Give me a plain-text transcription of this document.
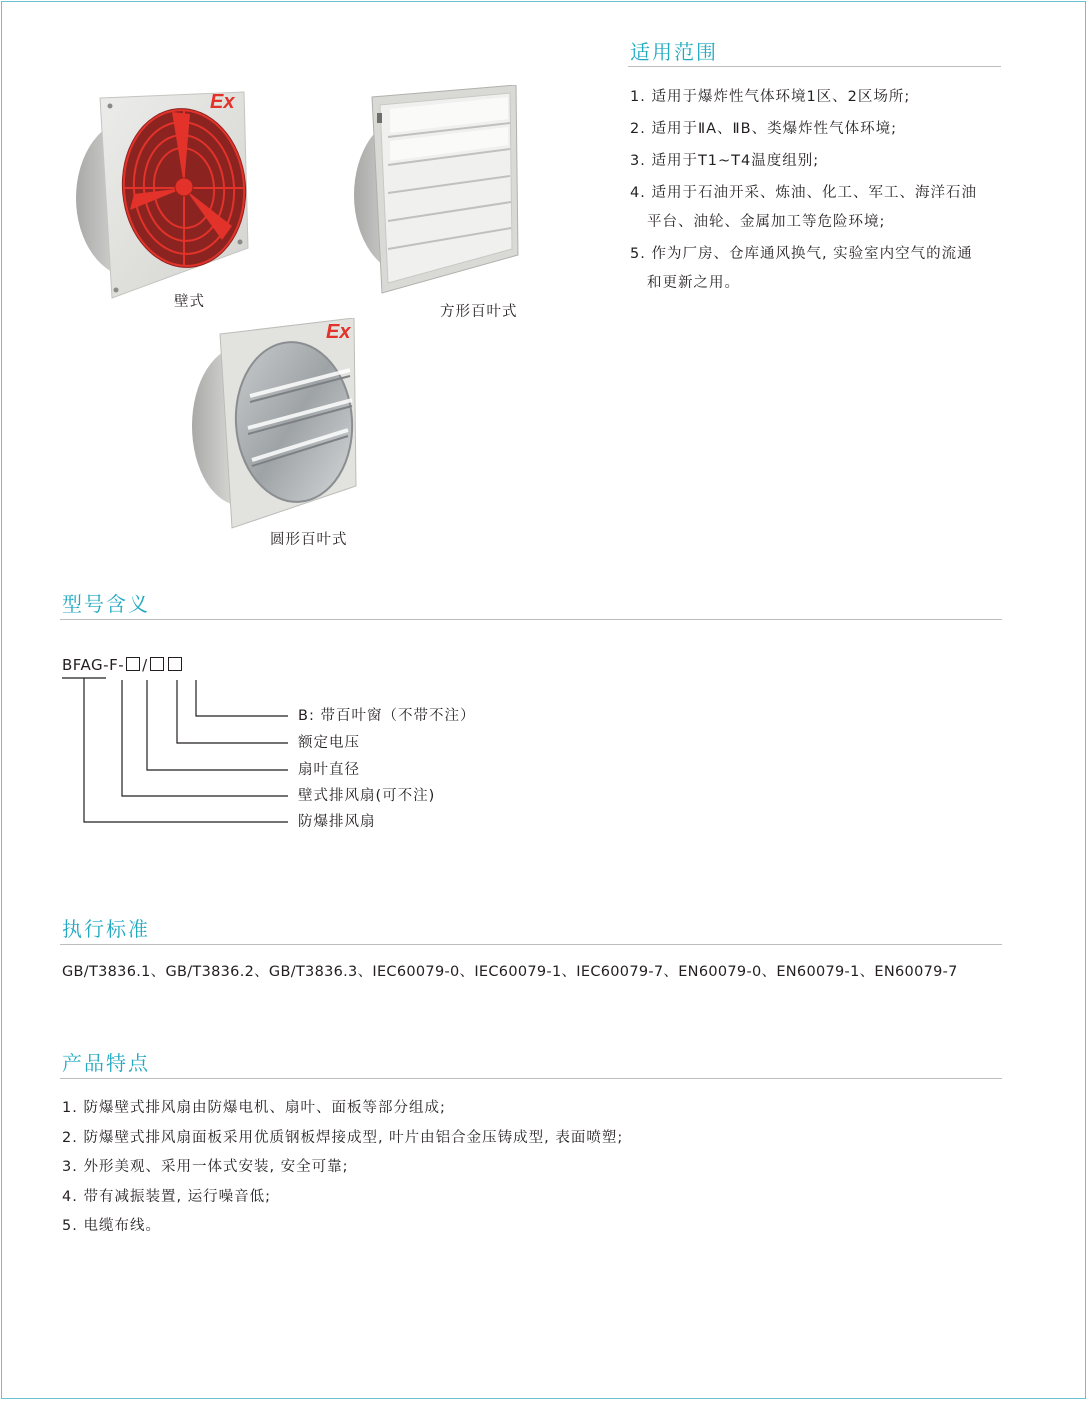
Ex
壁式
方形百叶式
Ex
圆形百叶式
适用范围
1. 适用于爆炸性气体环境1区、2区场所;
2. 适用于ⅡA、ⅡB、类爆炸性气体环境;
3. 适用于T1~T4温度组别;
4. 适用于石油开采、炼油、化工、军工、海洋石油
平台、油轮、金属加工等危险环境;
5. 作为厂房、仓库通风换气, 实验室内空气的流通
和更新之用。
型号含义
BFAG-F- /
B: 带百叶窗（不带不注）
额定电压
扇叶直径
壁式排风扇(可不注)
防爆排风扇
执行标准
GB/T3836.1、GB/T3836.2、GB/T3836.3、IEC60079-0、IEC60079-1、IEC60079-7、EN60079-0、EN60079-1、EN60079-7
产品特点
1. 防爆壁式排风扇由防爆电机、扇叶、面板等部分组成;
2. 防爆壁式排风扇面板采用优质钢板焊接成型, 叶片由铝合金压铸成型, 表面喷塑;
3. 外形美观、采用一体式安装, 安全可靠;
4. 带有减振装置, 运行噪音低;
5. 电缆布线。
